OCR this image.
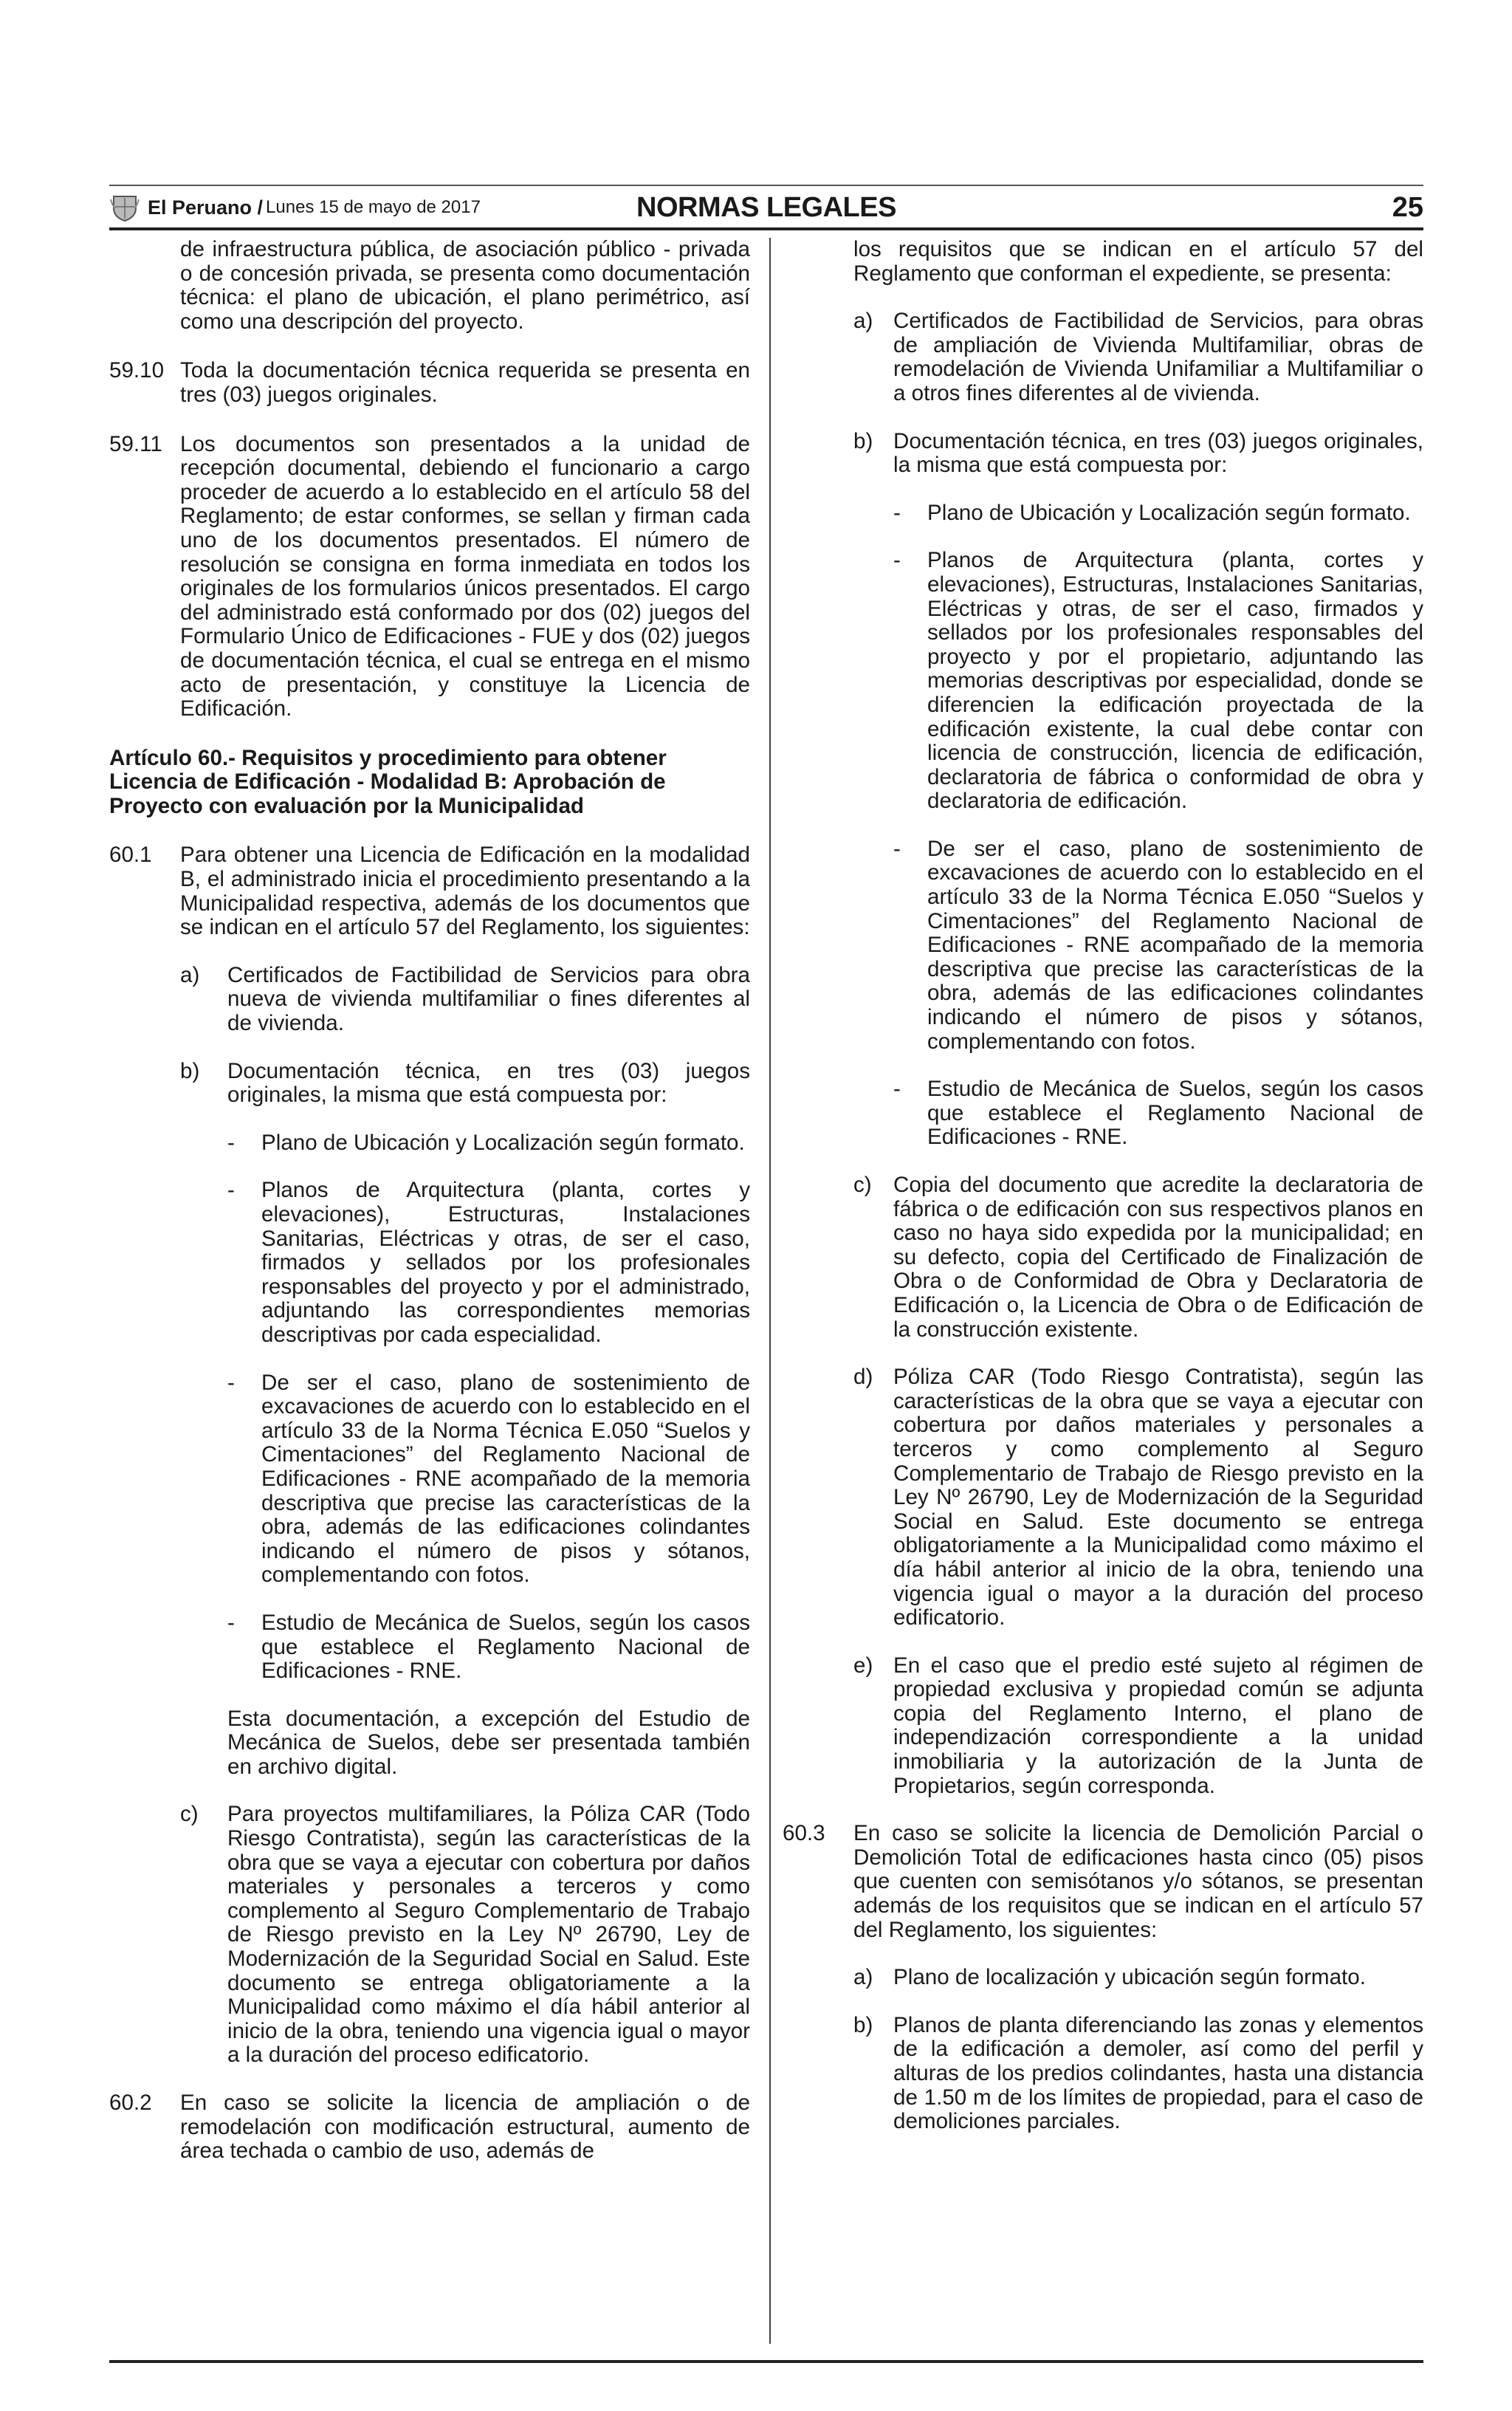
El Peruano / Lunes 15 de mayo de 2017	NORMAS LEGALES	25

de infraestructura pública, de asociación público - privada o de concesión privada, se presenta como documentación técnica: el plano de ubicación, el plano perimétrico, así como una descripción del proyecto.

59.10 Toda la documentación técnica requerida se presenta en tres (03) juegos originales.
59.11 Los documentos son presentados a la unidad de recepción documental, debiendo el funcionario a cargo proceder de acuerdo a lo establecido en el artículo 58 del Reglamento; de estar conformes, se sellan y firman cada uno de los documentos presentados. El número de resolución se consigna en forma inmediata en todos los originales de los formularios únicos presentados. El cargo del administrado está conformado por dos (02) juegos del Formulario Único de Edificaciones - FUE y dos (02) juegos de documentación técnica, el cual se entrega en el mismo acto de presentación, y constituye la Licencia de Edificación.

Artículo 60.- Requisitos y procedimiento para obtener Licencia de Edificación - Modalidad B: Aprobación de Proyecto con evaluación por la Municipalidad

60.1	Para obtener una Licencia de Edificación en la modalidad B, el administrado inicia el procedimiento presentando a la Municipalidad respectiva, además de los documentos que se indican en el artículo 57 del Reglamento, los siguientes:
a)	Certificados de Factibilidad de Servicios para obra nueva de vivienda multifamiliar o fines diferentes al de vivienda.
b)	Documentación técnica, en tres (03) juegos originales, la misma que está compuesta por:
-	Plano de Ubicación y Localización según formato.
-	Planos de Arquitectura (planta, cortes y elevaciones), Estructuras, Instalaciones Sanitarias, Eléctricas y otras, de ser el caso, firmados y sellados por los profesionales responsables del proyecto y por el administrado, adjuntando las correspondientes memorias descriptivas por cada especialidad.
-	De ser el caso, plano de sostenimiento de excavaciones de acuerdo con lo establecido en el artículo 33 de la Norma Técnica E.050 “Suelos y Cimentaciones” del Reglamento Nacional de Edificaciones - RNE acompañado de la memoria descriptiva que precise las características de la obra, además de las edificaciones colindantes indicando el número de pisos y sótanos, complementando con fotos.
-	Estudio de Mecánica de Suelos, según los casos que establece el Reglamento Nacional de Edificaciones - RNE.

Esta documentación, a excepción del Estudio de Mecánica de Suelos, debe ser presentada también en archivo digital.

c)	Para proyectos multifamiliares, la Póliza CAR (Todo Riesgo Contratista), según las características de la obra que se vaya a ejecutar con cobertura por daños materiales y personales a terceros y como complemento al Seguro Complementario de Trabajo de Riesgo previsto en la Ley Nº 26790, Ley de Modernización de la Seguridad Social en Salud. Este documento se entrega obligatoriamente a la Municipalidad como máximo el día hábil anterior al inicio de la obra, teniendo una vigencia igual o mayor a la duración del proceso edificatorio.
60.2	En caso se solicite la licencia de ampliación o de remodelación con modificación estructural, aumento de área techada o cambio de uso, además de

los requisitos que se indican en el artículo 57 del Reglamento que conforman el expediente, se presenta:

a) Certificados de Factibilidad de Servicios, para obras de ampliación de Vivienda Multifamiliar, obras de remodelación de Vivienda Unifamiliar a Multifamiliar o a otros fines diferentes al de vivienda.
b) Documentación técnica, en tres (03) juegos originales, la misma que está compuesta por:
-	Plano de Ubicación y Localización según formato.
-	Planos de Arquitectura (planta, cortes y elevaciones), Estructuras, Instalaciones Sanitarias, Eléctricas y otras, de ser el caso, firmados y sellados por los profesionales responsables del proyecto y por el propietario, adjuntando las memorias descriptivas por especialidad, donde se diferencien la edificación proyectada de la edificación existente, la cual debe contar con licencia de construcción, licencia de edificación, declaratoria de fábrica o conformidad de obra y declaratoria de edificación.
-	De ser el caso, plano de sostenimiento de excavaciones de acuerdo con lo establecido en el artículo 33 de la Norma Técnica E.050 “Suelos y Cimentaciones” del Reglamento Nacional de Edificaciones - RNE acompañado de la memoria descriptiva que precise las características de la obra, además de las edificaciones colindantes indicando el número de pisos y sótanos, complementando con fotos.
-	Estudio de Mecánica de Suelos, según los casos que establece el Reglamento Nacional de Edificaciones - RNE.
c) Copia del documento que acredite la declaratoria de fábrica o de edificación con sus respectivos planos en caso no haya sido expedida por la municipalidad; en su defecto, copia del Certificado de Finalización de Obra o de Conformidad de Obra y Declaratoria de Edificación o, la Licencia de Obra o de Edificación de la construcción existente.
d) Póliza CAR (Todo Riesgo Contratista), según las características de la obra que se vaya a ejecutar con cobertura por daños materiales y personales a terceros y como complemento al Seguro Complementario de Trabajo de Riesgo previsto en la Ley Nº 26790, Ley de Modernización de la Seguridad Social en Salud. Este documento se entrega obligatoriamente a la Municipalidad como máximo el día hábil anterior al inicio de la obra, teniendo una vigencia igual o mayor a la duración del proceso edificatorio.
e) En el caso que el predio esté sujeto al régimen de propiedad exclusiva y propiedad común se adjunta copia del Reglamento Interno, el plano de independización correspondiente a la unidad inmobiliaria y la autorización de la Junta de Propietarios, según corresponda.
60.3	En caso se solicite la licencia de Demolición Parcial o Demolición Total de edificaciones hasta cinco (05) pisos que cuenten con semisótanos y/o sótanos, se presentan además de los requisitos que se indican en el artículo 57 del Reglamento, los siguientes:
a) Plano de localización y ubicación según formato.
b) Planos de planta diferenciando las zonas y elementos de la edificación a demoler, así como del perfil y alturas de los predios colindantes, hasta una distancia de 1.50 m de los límites de propiedad, para el caso de demoliciones parciales.
